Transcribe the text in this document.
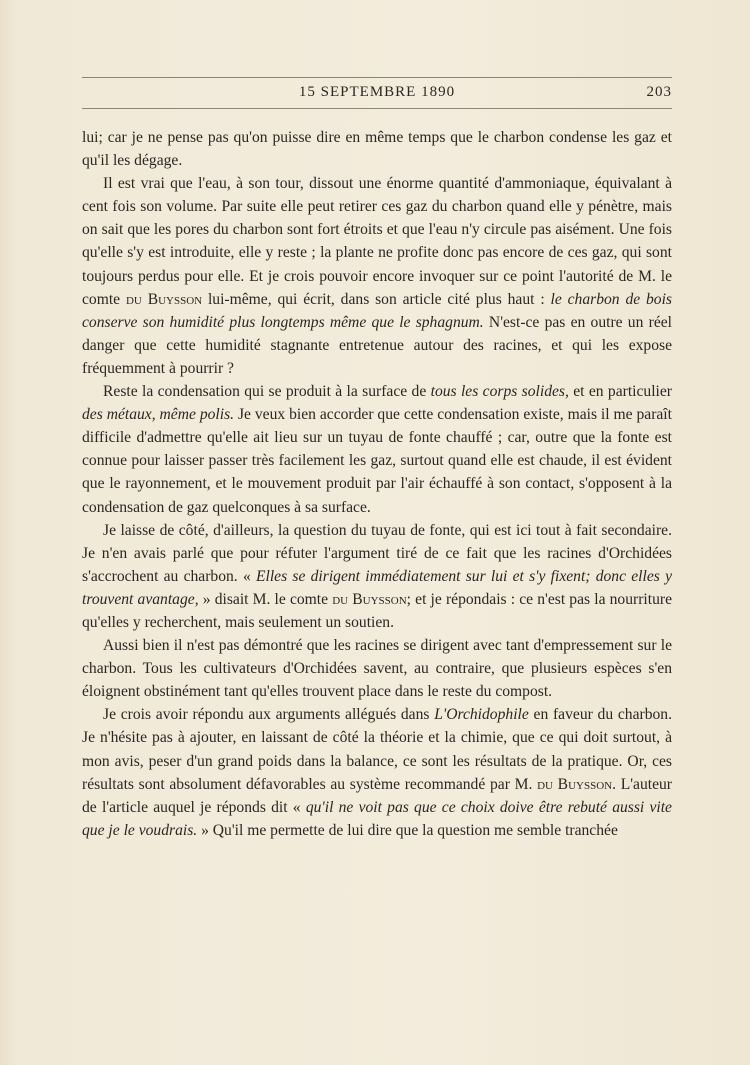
15 SEPTEMBRE 1890	203

lui; car je ne pense pas qu'on puisse dire en même temps que le charbon condense les gaz et qu'il les dégage.

Il est vrai que l'eau, à son tour, dissout une énorme quantité d'ammoniaque, équivalant à cent fois son volume. Par suite elle peut retirer ces gaz du charbon quand elle y pénètre, mais on sait que les pores du charbon sont fort étroits et que l'eau n'y circule pas aisément. Une fois qu'elle s'y est introduite, elle y reste ; la plante ne profite donc pas encore de ces gaz, qui sont toujours perdus pour elle. Et je crois pouvoir encore invoquer sur ce point l'autorité de M. le comte du Buysson lui-même, qui écrit, dans son article cité plus haut : le charbon de bois conserve son humidité plus longtemps même que le sphagnum. N'est-ce pas en outre un réel danger que cette humidité stagnante entretenue autour des racines, et qui les expose fréquemment à pourrir ?

Reste la condensation qui se produit à la surface de tous les corps solides, et en particulier des métaux, même polis. Je veux bien accorder que cette condensation existe, mais il me paraît difficile d'admettre qu'elle ait lieu sur un tuyau de fonte chauffé ; car, outre que la fonte est connue pour laisser passer très facilement les gaz, surtout quand elle est chaude, il est évident que le rayonnement, et le mouvement produit par l'air échauffé à son contact, s'opposent à la condensation de gaz quelconques à sa surface.

Je laisse de côté, d'ailleurs, la question du tuyau de fonte, qui est ici tout à fait secondaire. Je n'en avais parlé que pour réfuter l'argument tiré de ce fait que les racines d'Orchidées s'accrochent au charbon. « Elles se dirigent immédiatement sur lui et s'y fixent; donc elles y trouvent avantage, » disait M. le comte du Buysson; et je répondais : ce n'est pas la nourriture qu'elles y recherchent, mais seulement un soutien.

Aussi bien il n'est pas démontré que les racines se dirigent avec tant d'empressement sur le charbon. Tous les cultivateurs d'Orchidées savent, au contraire, que plusieurs espèces s'en éloignent obstinément tant qu'elles trouvent place dans le reste du compost.

Je crois avoir répondu aux arguments allégués dans L'Orchidophile en faveur du charbon. Je n'hésite pas à ajouter, en laissant de côté la théorie et la chimie, que ce qui doit surtout, à mon avis, peser d'un grand poids dans la balance, ce sont les résultats de la pratique. Or, ces résultats sont absolument défavorables au système recommandé par M. du Buysson. L'auteur de l'article auquel je réponds dit « qu'il ne voit pas que ce choix doive être rebuté aussi vite que je le voudrais. » Qu'il me permette de lui dire que la question me semble tranchée
